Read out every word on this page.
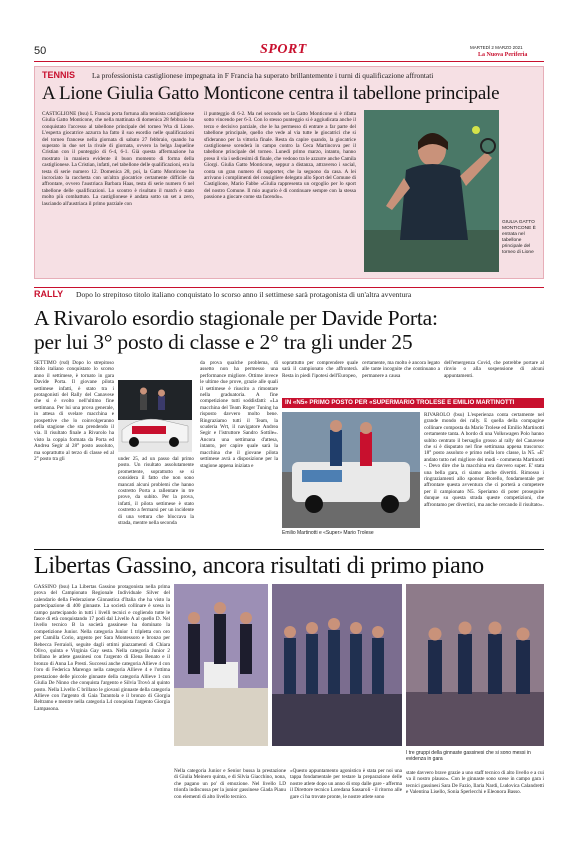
50	SPORT	MARTEDÌ 2 MARZO 2021
La Nuova Periferia
TENNIS La professionista castiglionese impegnata in F Francia ha superato brillantemente i turni di qualificazione affrontati
A Lione Giulia Gatto Monticone centra il tabellone principale
CASTIGLIONE (bsu) L Francia porta fortuna alla tennista castiglionese Giulia Gatto Monticone, che nella mattinata di domenica 28 febbraio ha conquistato l'accesso al tabellone principale del torneo Wta di Lione. L'esperta giocatrice azzurra ha fatto il suo esordio nelle qualificazioni del torneo francese nella giornata di sabato 27 febbraio, quando ha superato in due set la rivale di giornata, ovvero la belga Jaqueline Cristian con il punteggio di 6-4, 6-1. Già questa affermazione ha mostrato in maniera evidente il buon momento di forma della castiglionese. La Cristian, infatti, nel tabellone delle qualificazioni, era la testa di serie numero 12. Domenica 28, poi, la Gatto Monticone ha incrociato la racchetta con un'altra giocatrice certamente difficile da affrontare, ovvero l'austriaca Barbara Haas, testa di serie numero 6 nel tabellone delle qualificazioni. Lo scontro è risultato il match è stato molto più combattuto. La castiglionese è andata sotto un set a zero, lasciando all'austriaca il primo parziale con
il punteggio di 6-2. Ma nel secondo set la Gatto Monticone si è rifatta sotto vincendo per 6-3. Con lo stesso punteggio si è aggiudicata anche il terzo e decisivo parziale, che le ha permesso di entrare a far parte del tabellone principale, quello che vede al via tutte le giocatrici che si sfideranno per la vittoria finale. Resta da capire quando, la giocatrice castiglionese scenderà in campo contro la Ceca Martincova per il tabellone principale del torneo. Lunedì primo marzo, intanto, hanno preso il via i sedicesimi di finale, che vedono tra le azzurre anche Camila Giorgi. Giulia Gatto Monticone, seppur a distanza, attraverso i social, conta un gran numero di supporter, che la seguono da casa. A lei arrivano i complimenti del consigliere delegato allo Sport del Comune di Castiglione, Mario Fabbe «Giulia rappresenta un orgoglio per lo sport del nostro Comune. Il mio augurio è di continuare sempre con la stessa passione a giocare come sta facendo».
GIULIA GATTO MONTICONE È entrata nel tabellone principale del torneo di Lione
RALLY Dopo lo strepitoso titolo italiano conquistato lo scorso anno il settimese sarà protagonista di un'altra avventura
A Rivarolo esordio stagionale per Davide Porta:
per lui 3° posto di classe e 2° tra gli under 25
SETTIMO (rsd) Dopo lo strepitoso titolo italiano conquistato lo scorso anno il settimese, è tornato in gara Davide Porta. Il giovane pilota settimese infatti, è stato tra i protagonisti del Rally del Canavese che si è svolto nell'ultimo fine settimana. Per lui una prova generale, in attesa di svelare macchina e prospettive che lo coinvolgeranno nella stagione che sta prendendo il via. Il risultato finale a Rivarolo ha visto la coppia formata da Porta ed Andrea Segir al 28° posto assoluto, ma soprattutto al terzo di classe ed al 2° posto tra gli	under 25, ad un passo dal primo posto. Un risultato assolutamente promettente, soprattutto se si considera il fatto che non sono mancati alcuni problemi che hanno costretto Porta a rallentare in tre prove, da subito. Per la prova, infatti, il pilota settimese è stato costretto a fermarsi per un incidente di una vettura che bloccava la strada, mentre nella seconda
da prova qualche problema, di assetto non ha permesso una performance migliore. Ottime invece le ultime due prove, grazie alle quali il settimese è riuscito a rimontare nella graduatoria. A fine competizione tutti soddisfatti: «La macchina del Team Roger Tuning ha risposto davvero molto bene. Ringraziamo tutti il Team, la scuderia Wrt, il navigatore Andrea Segir e l'istruttore Sandro Sottile». Ancora una settimana d'attesa, intanto, per capire quale sarà la macchina che il giovane pilota settimese avrà a disposizione per la stagione appena iniziata e
soprattutto per comprendere quale sarà il campionato che affronterà. Resta in piedi l'ipotesi dell'Europeo,
certamente, ma molto è ancora legato alle tante incognite che continuano a permanere a causa
dell'emergenza Covid, che potrebbe portare al rinvio o alla sospensione di alcuni appuntamenti.
IN «N5» PRIMO POSTO PER «SUPERMARIO TROLESE E EMILIO MARTINOTTI
Emilio Martinotti e «Super» Mario Trolese
RIVAROLO (bsu) L'esperienza conta certamente nel grande mondo dei rally. E quella della compagine collinare composta da Mario Trolese ed Emilio Martinotti certamente tanta. A bordo di una Volkswagen Polo hanno subito centrato il bersaglio grosso al rally del Canavese che si è disputato nel fine settimana appena trascorso: 18° posto assoluto e primo nella loro classe, la N5. «E' andato tutto nel migliore dei modi - commenta Martinotti -. Devo dire che la macchina era davvero super. E' stata una bella gara, ci siamo anche divertiti. Rimosso i ringraziamenti allo sponsor Borello, fondamentale per affrontare questa avventura che ci porterà a competere per il campionato N5. Speriamo di poter proseguire dunque su questa strada queste competizioni, che affrontamo per divertirci, ma anche cercando il risultato».
Libertas Gassino, ancora risultati di primo piano
GASSINO (bsu) La Libertas Gassino protagonista nella prima prova del Campionato Regionale Individuale Silver del calendario della Federazione Ginnastica d'Italia che ha visto la partecipazione di 400 ginnaste. La società collinare è scesa in campo partecipando in tutti i livelli tecnici e cogliendo tutte le fasce di età conquistando 17 podi dal Livello A al quello D. Nel livello tecnico B la società gassinese ha dominato la competizione Junior. Nella categoria Junior 1 tripletta con oro per Camilla Corio, argento per Sara Montessoro e bronzo per Rebecca Ferraioli, seguite dagli ottimi piazzamenti di Chiara Olivo, quinta e Virginia Gay sesta. Nella categoria Junior 2 brillano le atlete gassinesi con l'argento di Elena Benato e il bronzo di Anna Lo Presti. Successi anche categoria Allieve 4 con l'oro di Federica Marengo nella categoria Allieve 4 e l'ottima prestazione delle piccole ginnaste della categoria Allieve 1 con Giulia De Ninno che conquista l'argento e Silvia Trovò al quinto posto. Nella Livello C brillano le giovani ginnaste della categoria Allieve con l'argento di Gaia Tarantola e il bronzo di Giorgia Beltramo e mentre nella categoria L4 conquista l'argento Giorgia Lampasona.
I tre gruppi della ginnaste gassinesi che si sono messi in evidenza in gara
Nella categoria Junior e Senior bussa la prestazione di Giulia Meinero quinta, e di Silvia Giacchino, nona, che pagano un po' di emozione. Nel livello LD trionfa indiscussa per la junior gassinese Giada Pianu con elementi di alto livello tecnico.
«Questo appuntamento agonistico è stata per noi una tappa fondamentale per testare la preparazione delle nostre atlete dopo un anno di stop dalle gare - afferma il Direttore tecnico Loredana Sassaroli - il ritorno alle gare ci ha trovate pronte, le nostre atlete sono
state davvero brave grazie a uno staff tecnico di alto livello e a cui va il nostro plauso». Con le ginnaste sono scese in campo gara i tecnici gassinesi Sara De Fazio, Ilaria Nardi, Ludovica Calandretti e Valentina Lisello, Sonia Sperlecchi e Eleonora Basso.
